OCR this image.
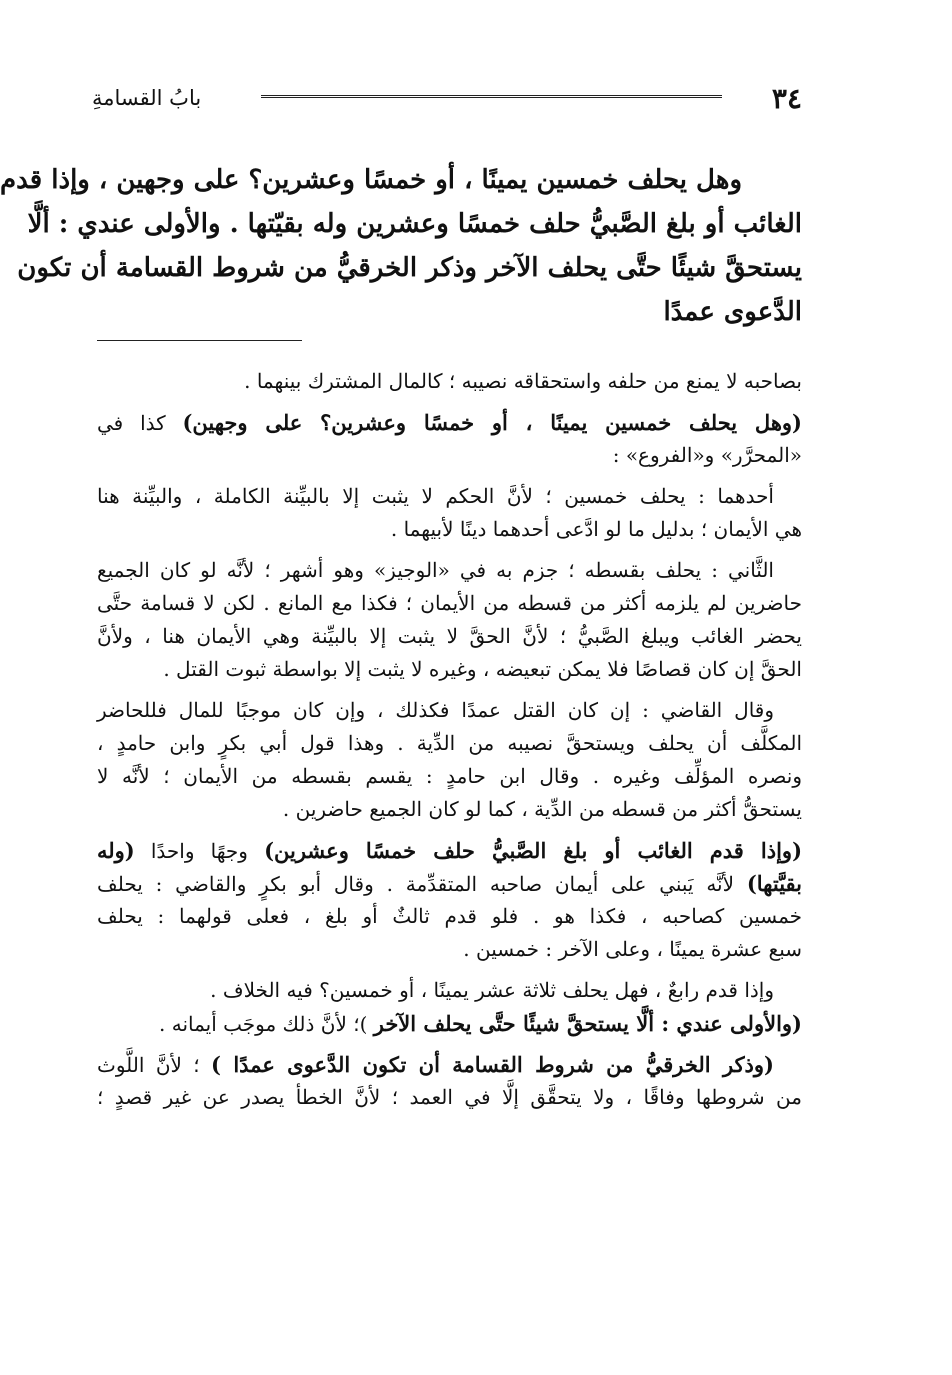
بابُ القسامةِ	٣٤
وهل يحلف خمسين يمينًا ، أو خمسًا وعشرين؟ على وجهين ، وإذا قدم
الغائب أو بلغ الصَّبيُّ حلف خمسًا وعشرين وله بقيّتها . والأولى عندي : ألَّا
يستحقَّ شيئًا حتَّى يحلف الآخر وذكر الخرقيُّ من شروط القسامة أن تكون
الدَّعوى عمدًا
بصاحبه لا يمنع من حلفه واستحقاقه نصيبه ؛ كالمال المشترك بينهما .
(وهل يحلف خمسين يمينًا ، أو خمسًا وعشرين؟ على وجهين) كذا في
«المحرَّر» و«الفروع» :
أحدهما : يحلف خمسين ؛ لأنَّ الحكم لا يثبت إلا بالبيِّنة الكاملة ، والبيِّنة هنا
هي الأيمان ؛ بدليل ما لو ادَّعى أحدهما دينًا لأبيهما .
الثَّاني : يحلف بقسطه ؛ جزم به في «الوجيز» وهو أشهر ؛ لأنَّه لو كان الجميع
حاضرين لم يلزمه أكثر من قسطه من الأيمان ؛ فكذا مع المانع . لكن لا قسامة حتَّى
يحضر الغائب ويبلغ الصَّبيُّ ؛ لأنَّ الحقَّ لا يثبت إلا بالبيِّنة وهي الأيمان هنا ، ولأنَّ
الحقَّ إن كان قصاصًا فلا يمكن تبعيضه ، وغيره لا يثبت إلا بواسطة ثبوت القتل .
وقال القاضي : إن كان القتل عمدًا فكذلك ، وإن كان موجبًا للمال فللحاضر
المكلَّف أن يحلف ويستحقَّ نصيبه من الدِّية . وهذا قول أبي بكرٍ وابن حامدٍ ،
ونصره المؤلِّف وغيره . وقال ابن حامدٍ : يقسم بقسطه من الأيمان ؛ لأنَّه لا
يستحقُّ أكثر من قسطه من الدِّية ، كما لو كان الجميع حاضرين .
(وإذا قدم الغائب أو بلغ الصَّبيُّ حلف خمسًا وعشرين) وجهًا واحدًا (وله
بقيَّتها) لأنَّه يَبني على أيمان صاحبه المتقدِّمة . وقال أبو بكرٍ والقاضي : يحلف
خمسين كصاحبه ، فكذا هو . فلو قدم ثالثٌ أو بلغ ، فعلى قولهما : يحلف
سبع عشرة يمينًا ، وعلى الآخر : خمسين .
وإذا قدم رابعٌ ، فهل يحلف ثلاثة عشر يمينًا ، أو خمسين؟ فيه الخلاف .
(والأولى عندي : ألَّا يستحقَّ شيئًا حتَّى يحلف الآخر )؛ لأنَّ ذلك موجَب أيمانه .
(وذكر الخرقيُّ من شروط القسامة أن تكون الدَّعوى عمدًا ) ؛ لأنَّ اللَّوث
من شروطها وفاقًا ، ولا يتحقَّق إلَّا في العمد ؛ لأنَّ الخطأ يصدر عن غير قصدٍ ؛
